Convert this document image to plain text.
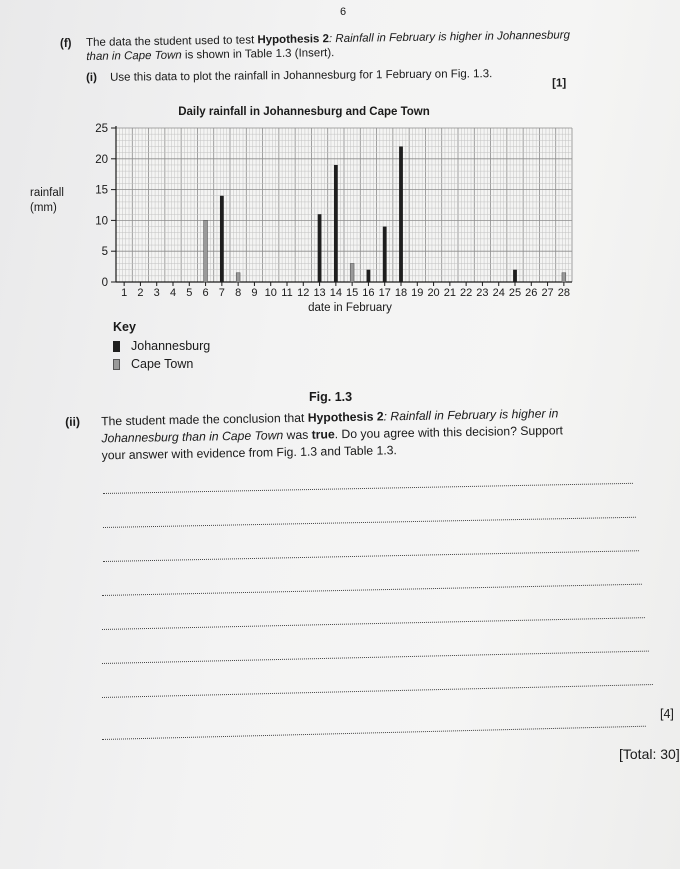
6
(f) The data the student used to test Hypothesis 2: Rainfall in February is higher in Johannesburg
than in Cape Town is shown in Table 1.3 (Insert).
(i) Use this data to plot the rainfall in Johannesburg for 1 February on Fig. 1.3.	[1]
Daily rainfall in Johannesburg and Cape Town
0
5
10
15
20
25
1 2 3 4 5 6 7 8 9 10 11 12 13 14 15 16 17 18 19 20 21 22 23 24 25 26 27 28
rainfall
(mm)
date in February
Key
Johannesburg
Cape Town
Fig. 1.3
(ii) The student made the conclusion that Hypothesis 2: Rainfall in February is higher in
Johannesburg than in Cape Town was true. Do you agree with this decision? Support
your answer with evidence from Fig. 1.3 and Table 1.3.
[4]
[Total: 30]
